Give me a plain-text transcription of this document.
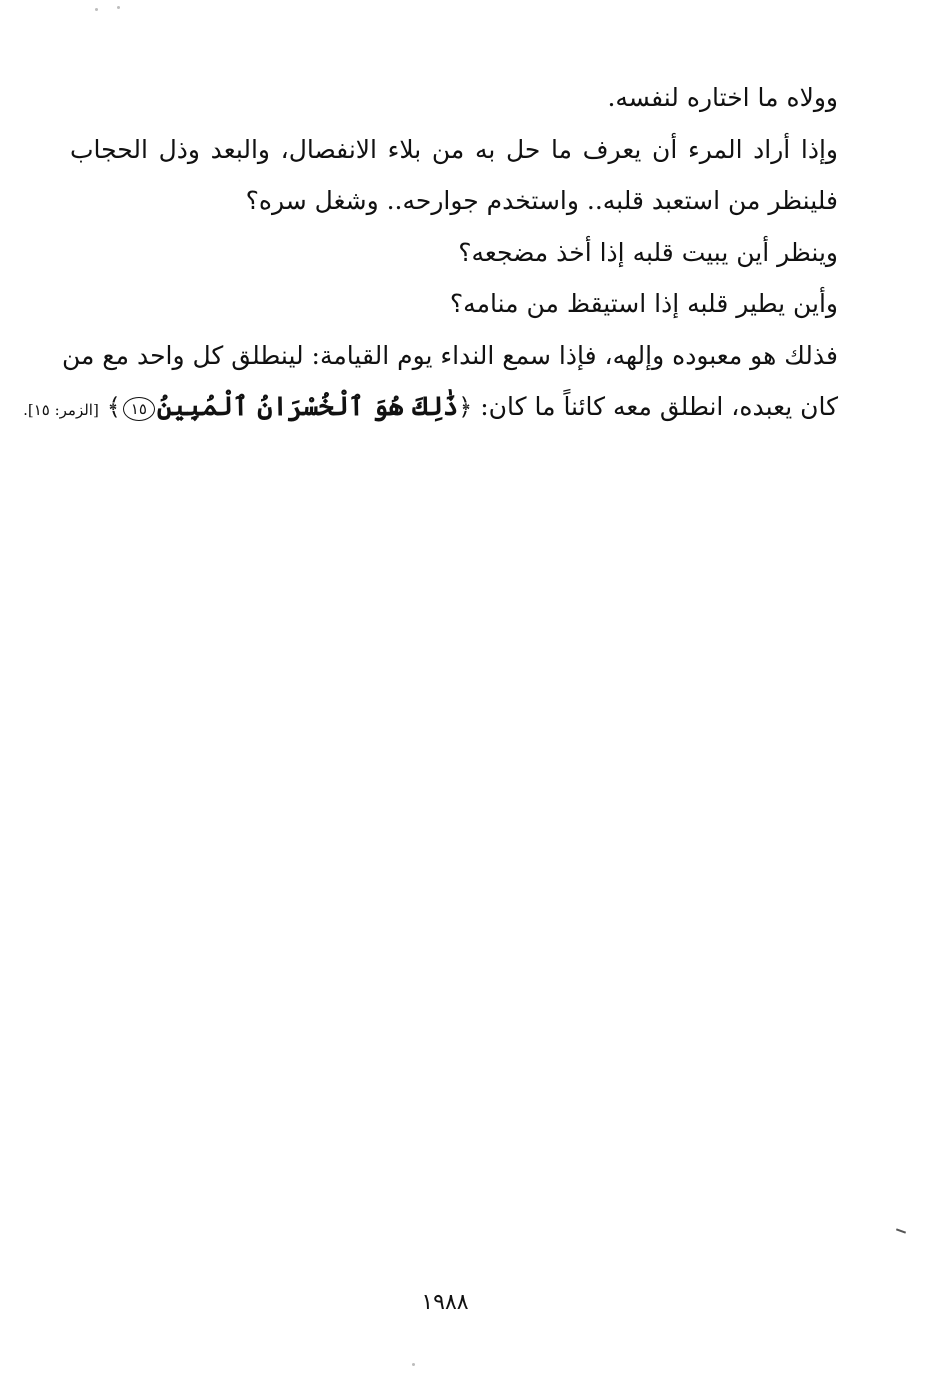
وولاه ما اختاره لنفسه.

وإذا أراد المرء أن يعرف ما حل به من بلاء الانفصال، والبعد وذل الحجاب
فلينظر من استعبد قلبه.. واستخدم جوارحه.. وشغل سره؟

وينظر أين يبيت قلبه إذا أخذ مضجعه؟

وأين يطير قلبه إذا استيقظ من منامه؟

فذلك هو معبوده وإلهه، فإذا سمع النداء يوم القيامة: لينطلق كل واحد مع من
كان يعبده، انطلق معه كائناً ما كان: ﴿ذَٰلِكَ هُوَ ٱلْخُسْرَانُ ٱلْمُبِينُ١٥﴾ [الزمر: ١٥].

١٩٨٨
